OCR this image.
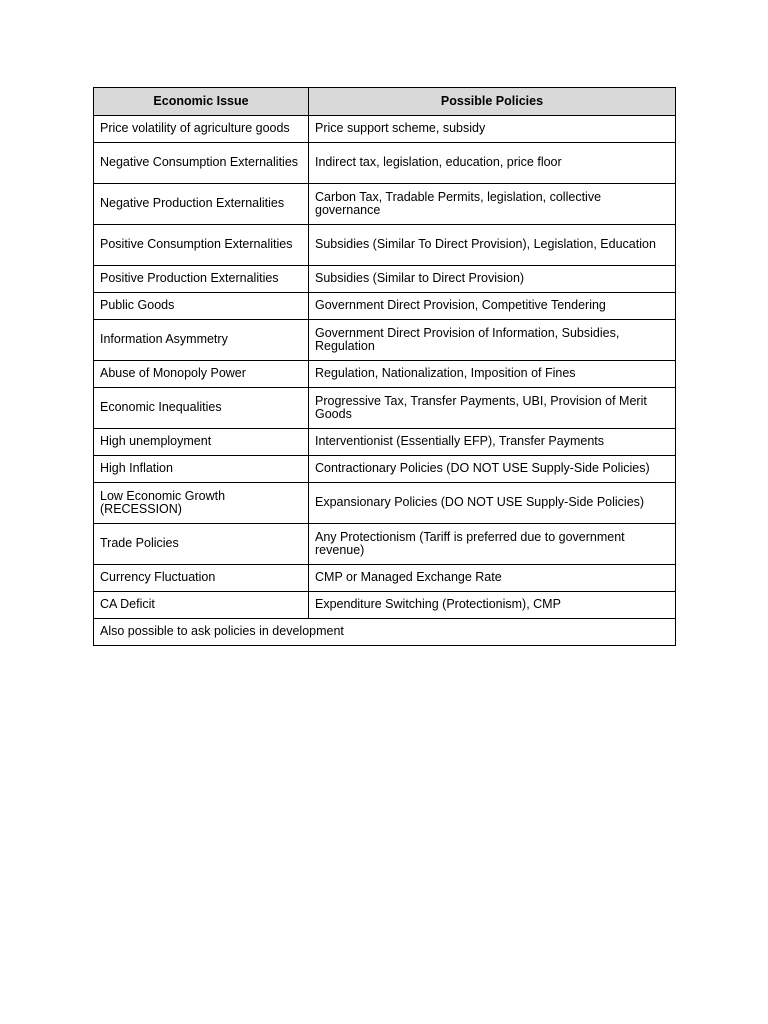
Economic Issue	Possible Policies
Price volatility of agriculture goods	Price support scheme, subsidy
Negative Consumption Externalities	Indirect tax, legislation, education, price floor
Negative Production Externalities	Carbon Tax, Tradable Permits, legislation, collective governance
Positive Consumption Externalities	Subsidies (Similar To Direct Provision), Legislation, Education
Positive Production Externalities	Subsidies (Similar to Direct Provision)
Public Goods	Government Direct Provision, Competitive Tendering
Information Asymmetry	Government Direct Provision of Information, Subsidies, Regulation
Abuse of Monopoly Power	Regulation, Nationalization, Imposition of Fines
Economic Inequalities	Progressive Tax, Transfer Payments, UBI, Provision of Merit Goods
High unemployment	Interventionist (Essentially EFP), Transfer Payments
High Inflation	Contractionary Policies (DO NOT USE Supply-Side Policies)
Low Economic Growth (RECESSION)	Expansionary Policies (DO NOT USE Supply-Side Policies)
Trade Policies	Any Protectionism (Tariff is preferred due to government revenue)
Currency Fluctuation	CMP or Managed Exchange Rate
CA Deficit	Expenditure Switching (Protectionism), CMP
Also possible to ask policies in development	
